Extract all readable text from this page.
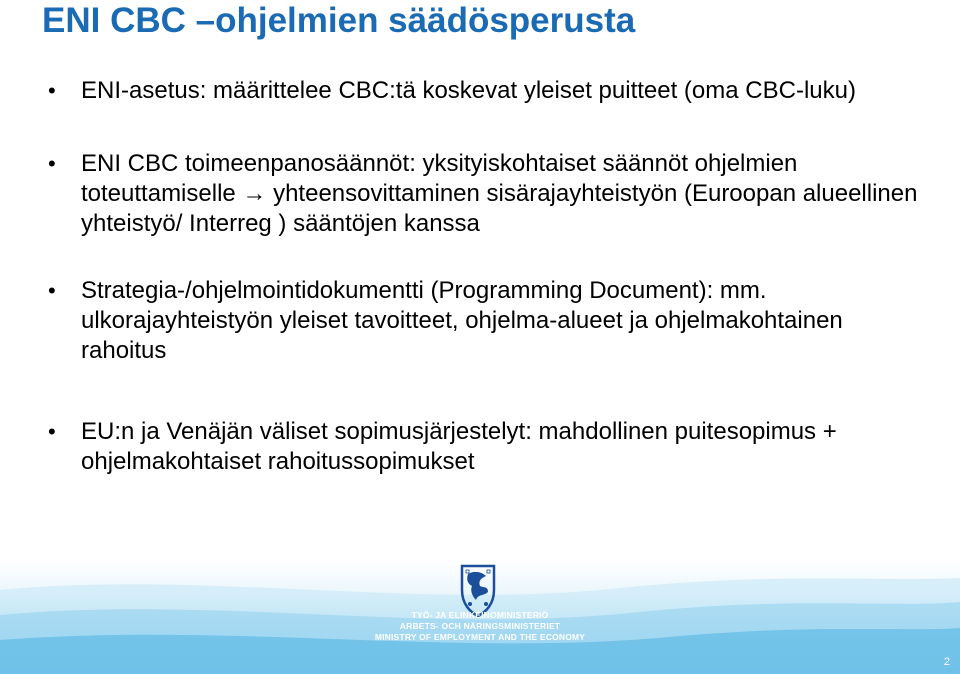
ENI CBC –ohjelmien säädösperusta
• ENI-asetus: määrittelee CBC:tä koskevat yleiset puitteet (oma CBC-luku)
• ENI CBC toimeenpanosäännöt: yksityiskohtaiset säännöt ohjelmien toteuttamiselle → yhteensovittaminen sisärajayhteistyön (Euroopan alueellinen yhteistyö/ Interreg ) sääntöjen kanssa
• Strategia-/ohjelmointidokumentti (Programming Document): mm. ulkorajayhteistyön yleiset tavoitteet, ohjelma-alueet ja ohjelmakohtainen rahoitus
• EU:n ja Venäjän väliset sopimusjärjestelyt: mahdollinen puitesopimus + ohjelmakohtaiset rahoitussopimukset
TYÖ- JA ELINKEINOMINISTERIÖ
ARBETS- OCH NÄRINGSMINISTERIET
MINISTRY OF EMPLOYMENT AND THE ECONOMY
2
